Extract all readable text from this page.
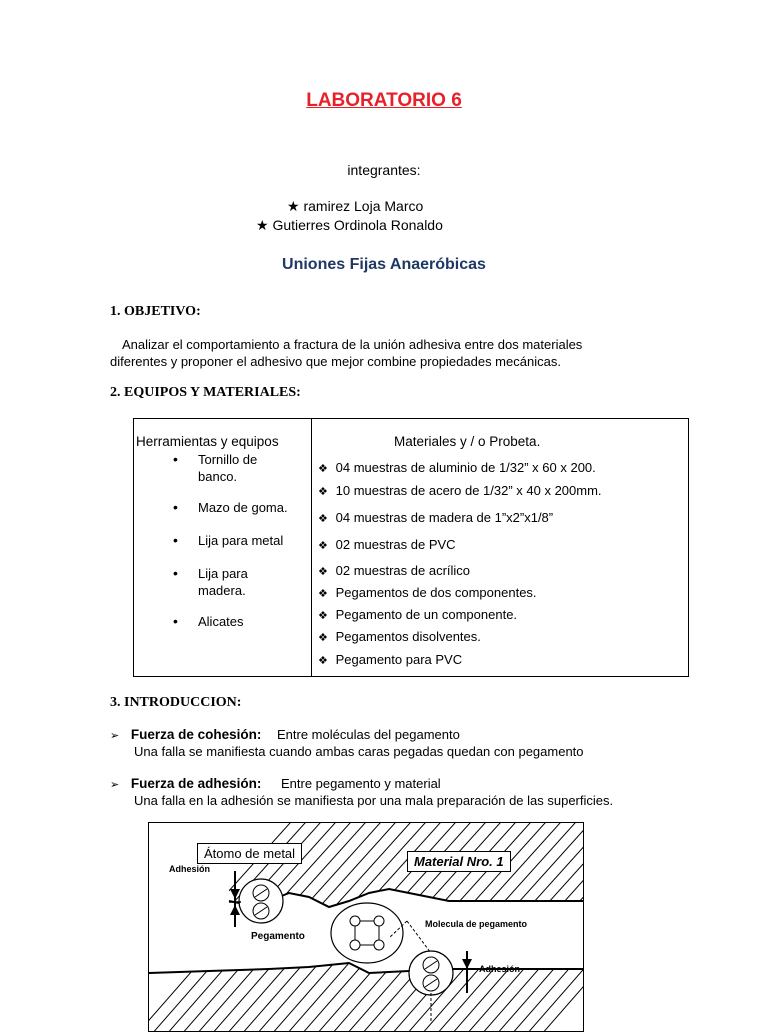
LABORATORIO 6
integrantes:
★ ramirez Loja Marco
★ Gutierres Ordinola Ronaldo
Uniones Fijas Anaeróbicas
1. OBJETIVO:
Analizar el comportamiento a fractura de la unión adhesiva entre dos materiales
diferentes y proponer el adhesivo que mejor combine propiedades mecánicas.
2. EQUIPOS Y MATERIALES:
Herramientas y equipos	Materiales y / o Probeta.
• Tornillo de banco.
• Mazo de goma.
• Lija para metal
• Lija para madera.
• Alicates
❖ 04 muestras de aluminio de 1/32” x 60 x 200.
❖ 10 muestras de acero de 1/32” x 40 x 200mm.
❖ 04 muestras de madera de 1”x2”x1/8”
❖ 02 muestras de PVC
❖ 02 muestras de acrílico
❖ Pegamentos de dos componentes.
❖ Pegamento de un componente.
❖ Pegamentos disolventes.
❖ Pegamento para PVC
3. INTRODUCCION:
➢ Fuerza de cohesión: Entre moléculas del pegamento
Una falla se manifiesta cuando ambas caras pegadas quedan con pegamento
➢ Fuerza de adhesión: Entre pegamento y material
Una falla en la adhesión se manifiesta por una mala preparación de las superficies.
Átomo de metal
Material Nro. 1
Adhesión
Pegamento
Molecula de pegamento
Adhesión
